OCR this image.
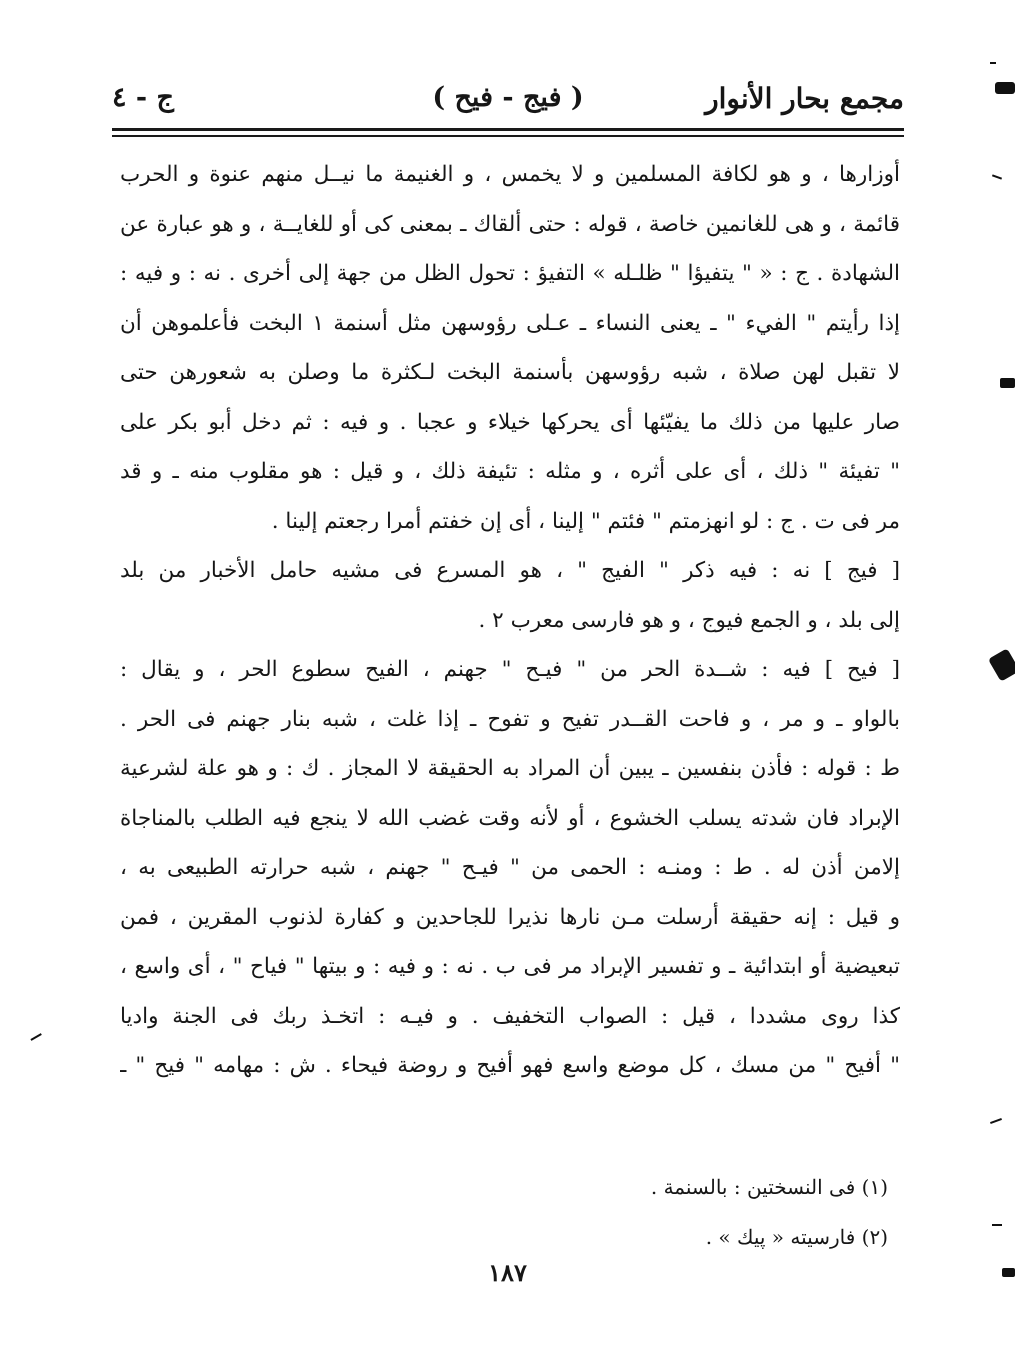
مجمع بحار الأنوار
( فيج - فيح )
ج - ٤
أوزارها ، و هو لكافة المسلمين و لا يخمس ، و الغنيمة ما نيــل منهم عنوة و الحرب
قائمة ، و هى للغانمين خاصة ، قوله : حتى ألقاك ـ بمعنى كى أو للغايــة ، و هو عبارة عن
الشهادة . ج : « " يتفيؤا " ظلـله » التفيؤ : تحول الظل من جهة إلى أخرى . نه : و فيه :
إذا رأيتم " الفيء " ـ يعنى النساء ـ عـلى رؤوسهن مثل أسنمة ١ البخت فأعلموهن أن
لا تقبل لهن صلاة ، شبه رؤوسهن بأسنمة البخت لـكثرة ما وصلن به شعورهن حتى
صار عليها من ذلك ما يفيّئها أى يحركها خيلاء و عجبا . و فيه : ثم دخل أبو بكر على
" تفيئة " ذلك ، أى على أثره ، و مثله : تئيفة ذلك ، و قيل : هو مقلوب منه ـ و قد
مر فى ت . ج : لو انهزمتم " فئتم " إلينا ، أى إن خفتم أمرا رجعتم إلينا .
[ فيج ] نه : فيه ذكر " الفيج " ، هو المسرع فى مشيه حامل الأخبار من بلد
إلى بلد ، و الجمع فيوج ، و هو فارسى معرب ٢ .
[ فيح ] فيه : شــدة الحر من " فيـح " جهنم ، الفيح سطوع الحر ، و يقال :
بالواو ـ و مر ، و فاحت القــدر تفيح و تفوح ـ إذا غلت ، شبه بنار جهنم فى الحر .
ط : قوله : فأذن بنفسين ـ يبين أن المراد به الحقيقة لا المجاز . ك : و هو علة لشرعية
الإبراد فان شدته يسلب الخشوع ، أو لأنه وقت غضب الله لا ينجع فيه الطلب بالمناجاة
إلامن أذن له . ط : ومنـه : الحمى من " فيـح " جهنم ، شبه حرارته الطبيعى به ،
و قيل : إنه حقيقة أرسلت مـن نارها نذيرا للجاحدين و كفارة لذنوب المقرين ، فمن
تبعيضية أو ابتدائية ـ و تفسير الإبراد مر فى ب . نه : و فيه : و بيتها " فياح " ، أى واسع ،
كذا روى مشددا ، قيل : الصواب التخفيف . و فيـه : اتخـذ ربك فى الجنة واديا
" أفيح " من مسك ، كل موضع واسع فهو أفيح و روضة فيحاء . ش : مهامه " فيح " ـ
(١) فى النسختين : بالسنمة .
(٢) فارسيته « پيك » .
١٨٧
